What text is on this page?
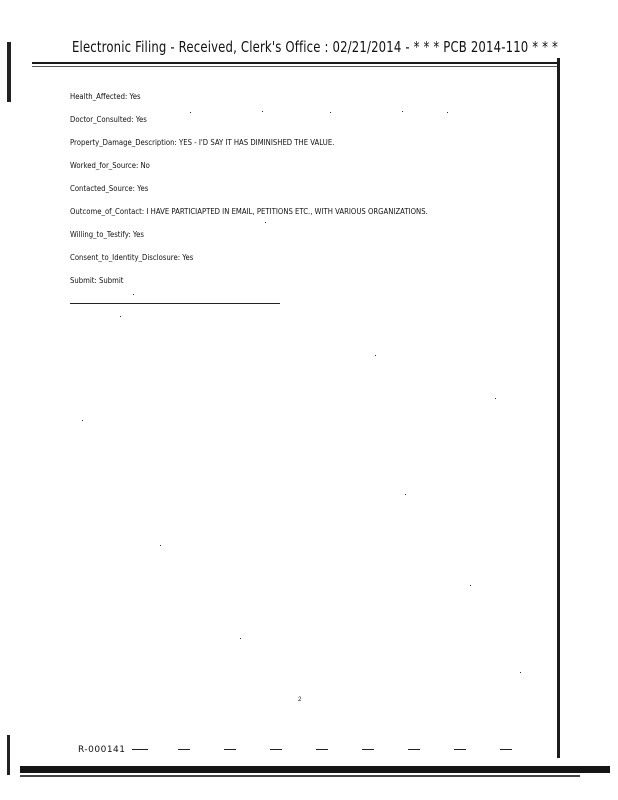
Electronic Filing - Received, Clerk's Office : 02/21/2014 - * * * PCB 2014-110 * * *
Health_Affected: Yes
Doctor_Consulted: Yes
Property_Damage_Description: YES - I'D SAY IT HAS DIMINISHED THE VALUE.
Worked_for_Source: No
Contacted_Source: Yes
Outcome_of_Contact: I HAVE PARTICIAPTED IN EMAIL, PETITIONS ETC., WITH VARIOUS ORGANIZATIONS.
Willing_to_Testify: Yes
Consent_to_Identity_Disclosure: Yes
Submit: Submit
2
R-000141
